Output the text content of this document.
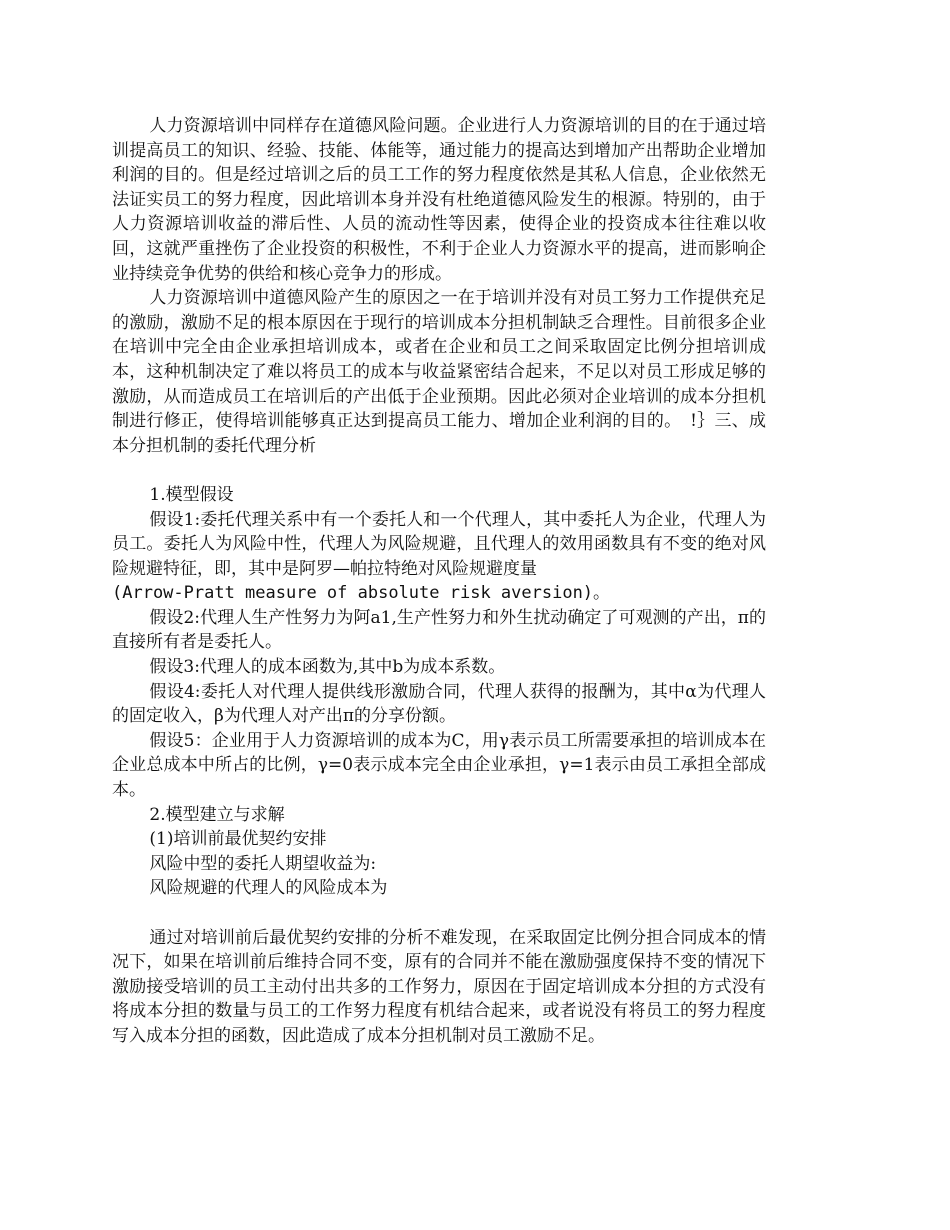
人力资源培训中同样存在道德风险问题。企业进行人力资源培训的目的在于通过培训提高员工的知识、经验、技能、体能等，通过能力的提高达到增加产出帮助企业增加利润的目的。但是经过培训之后的员工工作的努力程度依然是其私人信息，企业依然无法证实员工的努力程度，因此培训本身并没有杜绝道德风险发生的根源。特别的，由于人力资源培训收益的滞后性、人员的流动性等因素，使得企业的投资成本往往难以收回，这就严重挫伤了企业投资的积极性，不利于企业人力资源水平的提高，进而影响企业持续竞争优势的供给和核心竞争力的形成。

人力资源培训中道德风险产生的原因之一在于培训并没有对员工努力工作提供充足的激励，激励不足的根本原因在于现行的培训成本分担机制缺乏合理性。目前很多企业在培训中完全由企业承担培训成本，或者在企业和员工之间采取固定比例分担培训成本，这种机制决定了难以将员工的成本与收益紧密结合起来，不足以对员工形成足够的激励，从而造成员工在培训后的产出低于企业预期。因此必须对企业培训的成本分担机制进行修正，使得培训能够真正达到提高员工能力、增加企业利润的目的。　!｝三、成本分担机制的委托代理分析

1.模型假设

假设1:委托代理关系中有一个委托人和一个代理人，其中委托人为企业，代理人为员工。委托人为风险中性，代理人为风险规避，且代理人的效用函数具有不变的绝对风险规避特征，即，其中是阿罗—帕拉特绝对风险规避度量

(Arrow-Pratt measure of absolute risk aversion)。

假设2:代理人生产性努力为阿a1,生产性努力和外生扰动确定了可观测的产出，π的直接所有者是委托人。

假设3:代理人的成本函数为,其中b为成本系数。

假设4:委托人对代理人提供线形激励合同，代理人获得的报酬为，其中α为代理人的固定收入，β为代理人对产出π的分享份额。

假设5：企业用于人力资源培训的成本为C，用γ表示员工所需要承担的培训成本在企业总成本中所占的比例，γ=0表示成本完全由企业承担，γ=1表示由员工承担全部成本。

2.模型建立与求解

(1)培训前最优契约安排

风险中型的委托人期望收益为:

风险规避的代理人的风险成本为

通过对培训前后最优契约安排的分析不难发现，在采取固定比例分担合同成本的情况下，如果在培训前后维持合同不变，原有的合同并不能在激励强度保持不变的情况下激励接受培训的员工主动付出共多的工作努力，原因在于固定培训成本分担的方式没有将成本分担的数量与员工的工作努力程度有机结合起来，或者说没有将员工的努力程度写入成本分担的函数，因此造成了成本分担机制对员工激励不足。
